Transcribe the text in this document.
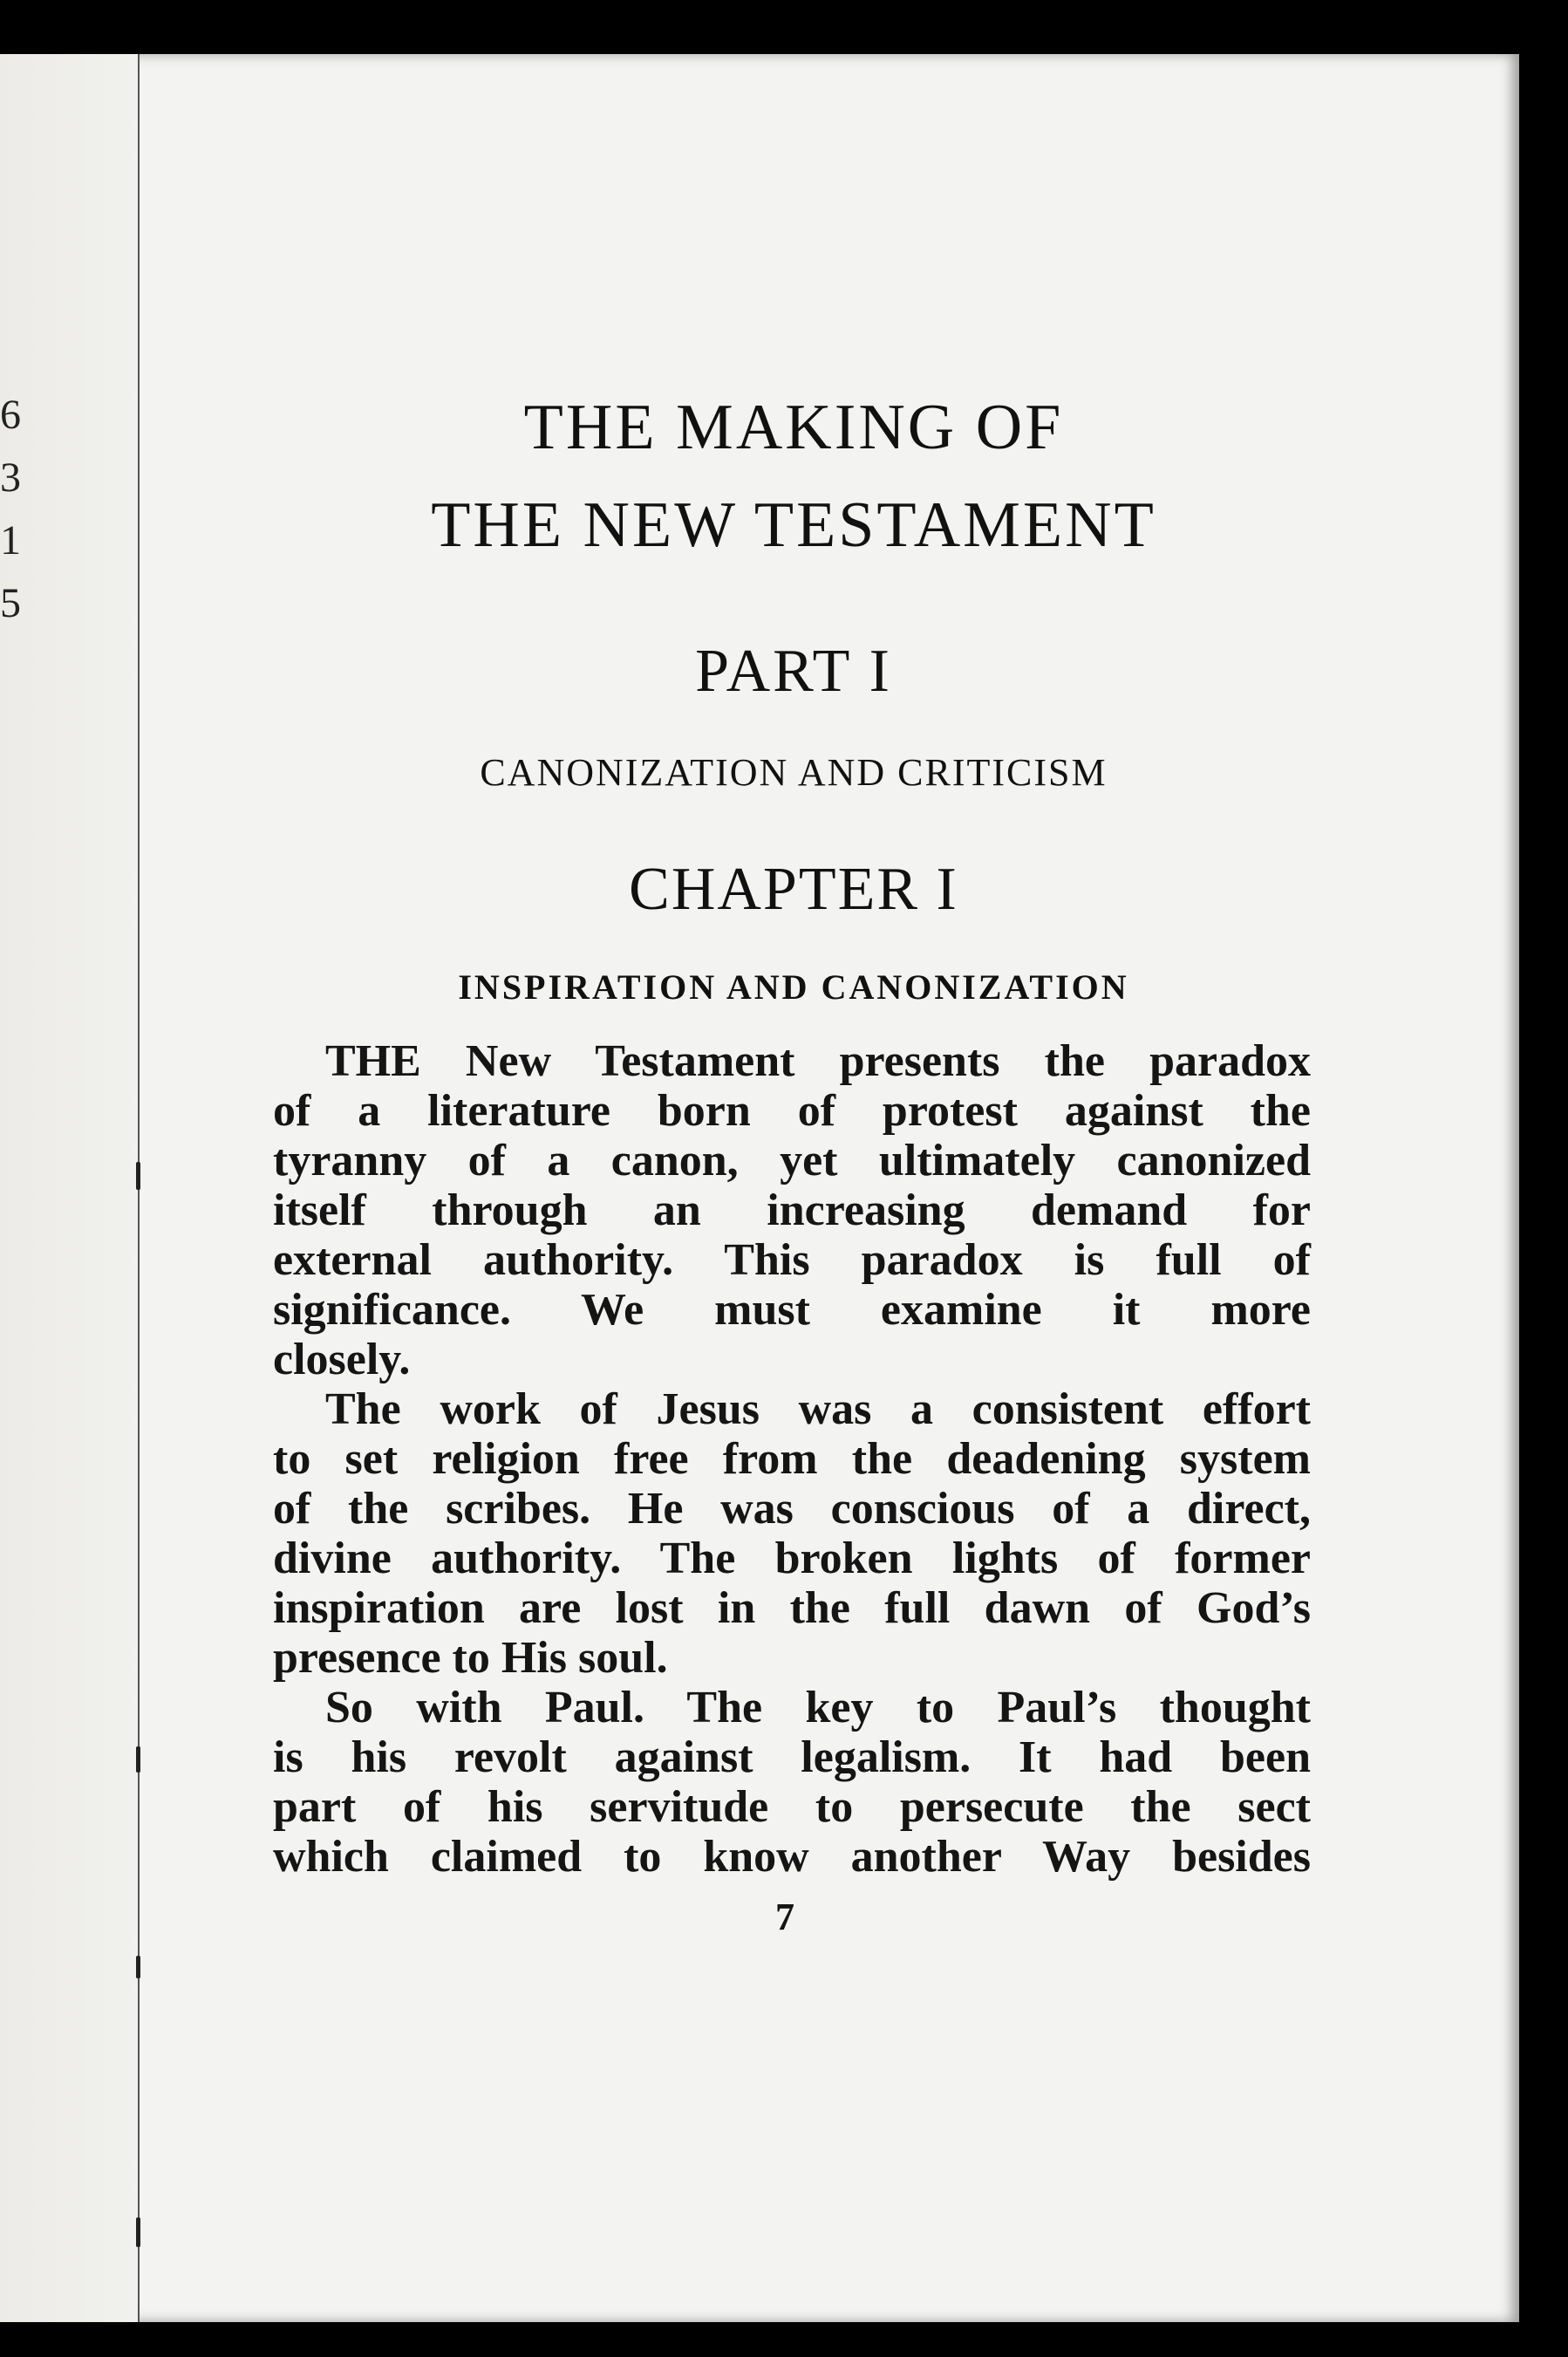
6
3
1
5
THE MAKING OF
THE NEW TESTAMENT
PART I
CANONIZATION AND CRITICISM
CHAPTER I
INSPIRATION AND CANONIZATION

THE New Testament presents the paradox
of a literature born of protest against the
tyranny of a canon, yet ultimately canonized
itself through an increasing demand for
external authority. This paradox is full of
significance. We must examine it more
closely.

The work of Jesus was a consistent effort
to set religion free from the deadening system
of the scribes. He was conscious of a direct,
divine authority. The broken lights of former
inspiration are lost in the full dawn of God’s
presence to His soul.

So with Paul. The key to Paul’s thought
is his revolt against legalism. It had been
part of his servitude to persecute the sect
which claimed to know another Way besides

7
